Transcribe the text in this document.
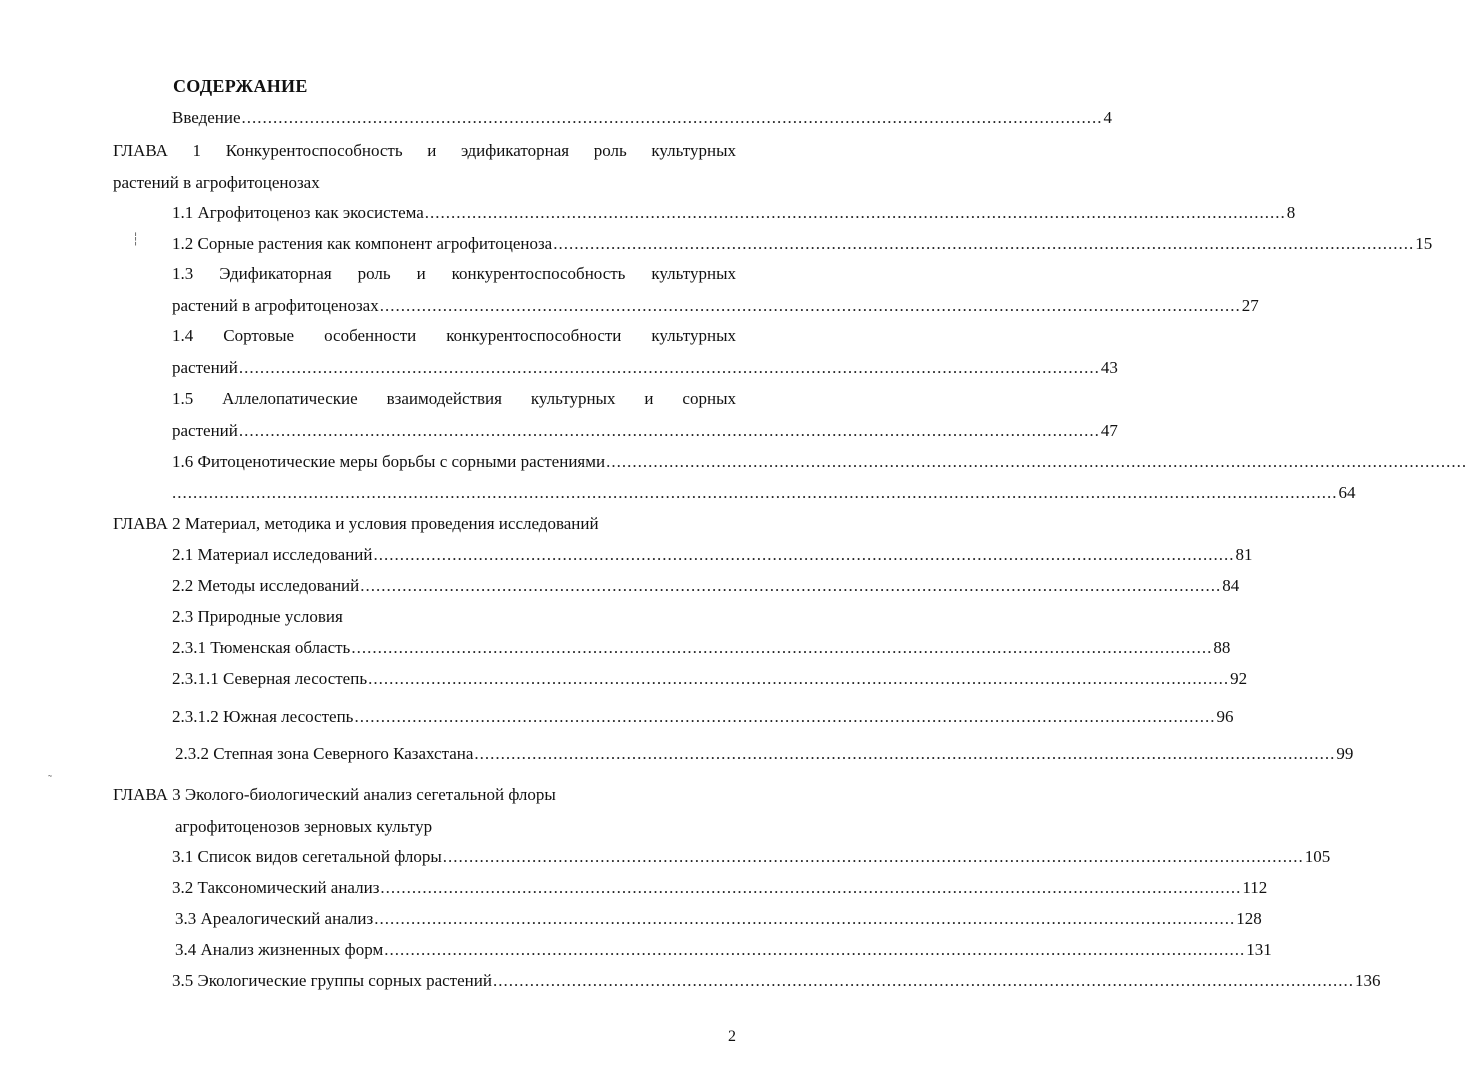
СОДЕРЖАНИЕ
Введение .................................................................................................................................................................... 4
ГЛАВА 1 Конкурентоспособность и эдификаторная роль культурных
растений в агрофитоценозах
1.1 Агрофитоценоз как экосистема .................................................................................................................................................................... 8
1.2 Сорные растения как компонент агрофитоценоза .................................................................................................................................................................... 15
1.3 Эдификаторная роль и конкурентоспособность культурных
растений в агрофитоценозах .................................................................................................................................................................... 27
1.4 Сортовые особенности конкурентоспособности культурных
растений .................................................................................................................................................................... 43
1.5 Аллелопатические взаимодействия культурных и сорных
растений .................................................................................................................................................................... 47
1.6 Фитоценотические меры борьбы с сорными растениями ....................................................................................................................................................................
.............................................................................................................................................................................................................................. 64
ГЛАВА 2 Материал, методика и условия проведения исследований
2.1 Материал исследований .................................................................................................................................................................... 81
2.2 Методы исследований .................................................................................................................................................................... 84
2.3 Природные условия
2.3.1 Тюменская область .................................................................................................................................................................... 88
2.3.1.1 Северная лесостепь .................................................................................................................................................................... 92
2.3.1.2 Южная лесостепь .................................................................................................................................................................... 96
2.3.2 Степная зона Северного Казахстана .................................................................................................................................................................... 99
ГЛАВА 3 Эколого-биологический анализ сегетальной флоры
агрофитоценозов зерновых культур
3.1 Список видов сегетальной флоры .................................................................................................................................................................... 105
3.2 Таксономический анализ .................................................................................................................................................................... 112
3.3 Ареалогический анализ .................................................................................................................................................................... 128
3.4 Анализ жизненных форм .................................................................................................................................................................... 131
3.5 Экологические группы сорных растений .................................................................................................................................................................... 136
2
┆
˜
